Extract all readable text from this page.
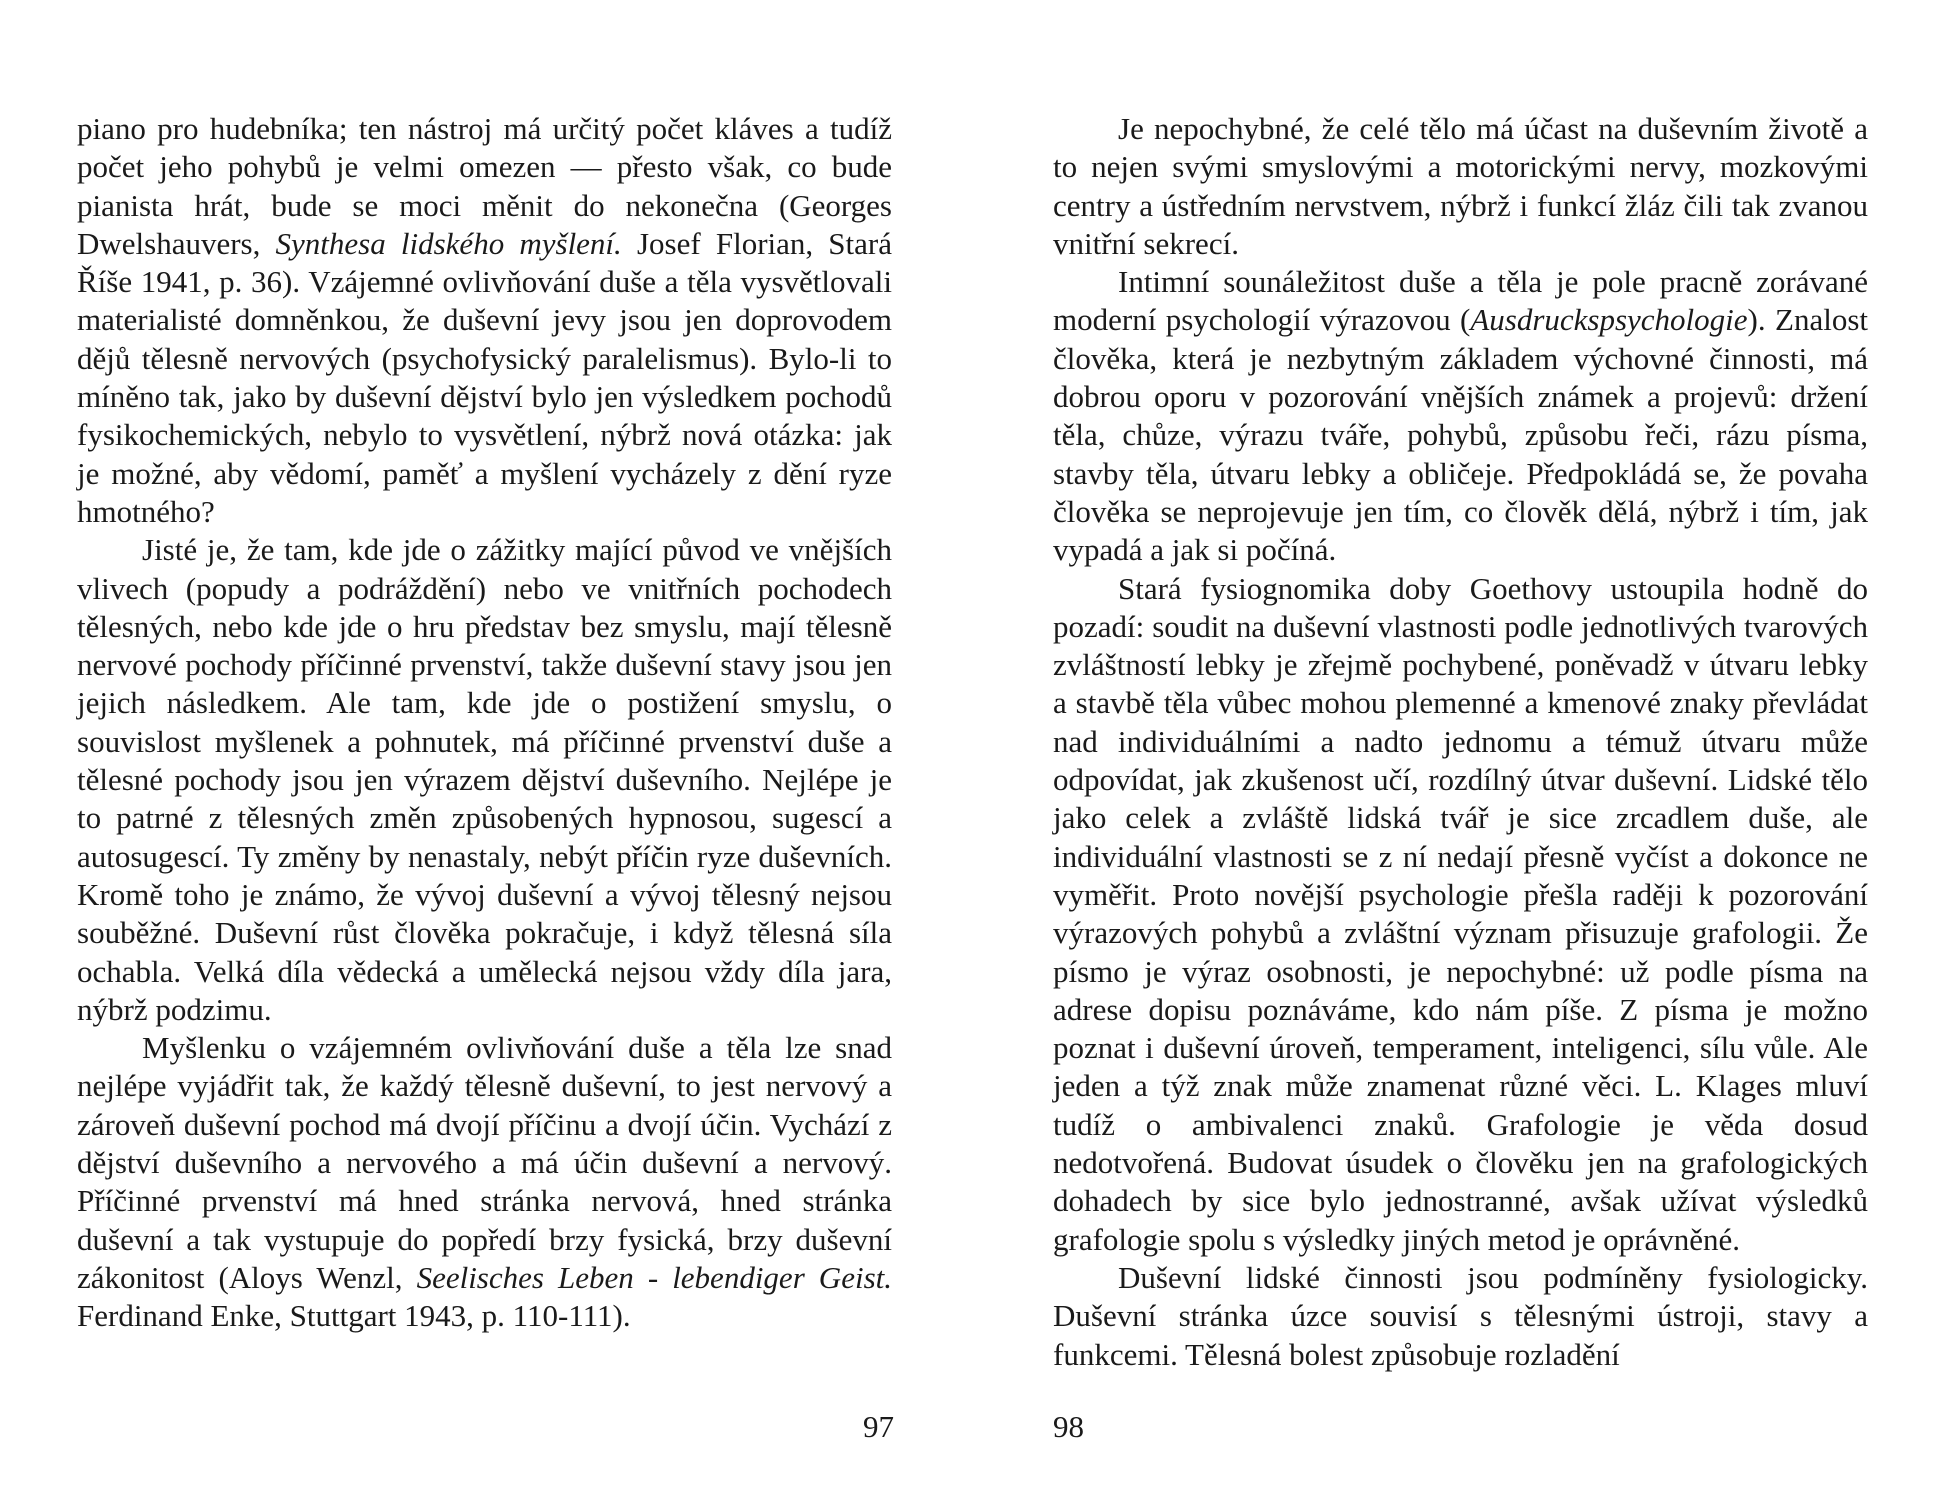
piano pro hudebníka; ten nástroj má určitý počet kláves a tudíž počet jeho pohybů je velmi omezen — přesto však, co bude pianista hrát, bude se moci měnit do nekonečna (Georges Dwelshauvers, Synthesa lidského myšlení. Josef Florian, Stará Říše 1941, p. 36). Vzájemné ovlivňování duše a těla vysvětlovali materialisté domněnkou, že duševní jevy jsou jen doprovodem dějů tělesně nervových (psychofysický paralelismus). Bylo-li to míněno tak, jako by duševní dějství bylo jen výsledkem pochodů fysikochemických, nebylo to vysvětlení, nýbrž nová otázka: jak je možné, aby vědomí, paměť a myšlení vycházely z dění ryze hmotného?

Jisté je, že tam, kde jde o zážitky mající původ ve vnějších vlivech (popudy a podráždění) nebo ve vnitřních pochodech tělesných, nebo kde jde o hru představ bez smyslu, mají tělesně nervové pochody příčinné prvenství, takže duševní stavy jsou jen jejich následkem. Ale tam, kde jde o postižení smyslu, o souvislost myšlenek a pohnutek, má příčinné prvenství duše a tělesné pochody jsou jen výrazem dějství duševního. Nejlépe je to patrné z tělesných změn způsobených hypnosou, sugescí a autosugescí. Ty změny by nenastaly, nebýt příčin ryze duševních. Kromě toho je známo, že vývoj duševní a vývoj tělesný nejsou souběžné. Duševní růst člověka pokračuje, i když tělesná síla ochabla. Velká díla vědecká a umělecká nejsou vždy díla jara, nýbrž podzimu.

Myšlenku o vzájemném ovlivňování duše a těla lze snad nejlépe vyjádřit tak, že každý tělesně duševní, to jest nervový a zároveň duševní pochod má dvojí příčinu a dvojí účin. Vychází z dějství duševního a nervového a má účin duševní a nervový. Příčinné prvenství má hned stránka nervová, hned stránka duševní a tak vystupuje do popředí brzy fysická, brzy duševní zákonitost (Aloys Wenzl, Seelisches Leben - lebendiger Geist. Ferdinand Enke, Stuttgart 1943, p. 110-111).

97

Je nepochybné, že celé tělo má účast na duševním životě a to nejen svými smyslovými a motorickými nervy, mozkovými centry a ústředním nervstvem, nýbrž i funkcí žláz čili tak zvanou vnitřní sekrecí.

Intimní sounáležitost duše a těla je pole pracně zorávané moderní psychologií výrazovou (Ausdruckspsychologie). Znalost člověka, která je nezbytným základem výchovné činnosti, má dobrou oporu v pozorování vnějších známek a projevů: držení těla, chůze, výrazu tváře, pohybů, způsobu řeči, rázu písma, stavby těla, útvaru lebky a obličeje. Předpokládá se, že povaha člověka se neprojevuje jen tím, co člověk dělá, nýbrž i tím, jak vypadá a jak si počíná.

Stará fysiognomika doby Goethovy ustoupila hodně do pozadí: soudit na duševní vlastnosti podle jednotlivých tvarových zvláštností lebky je zřejmě pochybené, poněvadž v útvaru lebky a stavbě těla vůbec mohou plemenné a kmenové znaky převládat nad individuálními a nadto jednomu a témuž útvaru může odpovídat, jak zkušenost učí, rozdílný útvar duševní. Lidské tělo jako celek a zvláště lidská tvář je sice zrcadlem duše, ale individuální vlastnosti se z ní nedají přesně vyčíst a dokonce ne vyměřit. Proto novější psychologie přešla raději k pozorování výrazových pohybů a zvláštní význam přisuzuje grafologii. Že písmo je výraz osobnosti, je nepochybné: už podle písma na adrese dopisu poznáváme, kdo nám píše. Z písma je možno poznat i duševní úroveň, temperament, inteligenci, sílu vůle. Ale jeden a týž znak může znamenat různé věci. L. Klages mluví tudíž o ambivalenci znaků. Grafologie je věda dosud nedotvořená. Budovat úsudek o člověku jen na grafologických dohadech by sice bylo jednostranné, avšak užívat výsledků grafologie spolu s výsledky jiných metod je oprávněné.

Duševní lidské činnosti jsou podmíněny fysiologicky. Duševní stránka úzce souvisí s tělesnými ústroji, stavy a funkcemi. Tělesná bolest způsobuje rozladění

98
